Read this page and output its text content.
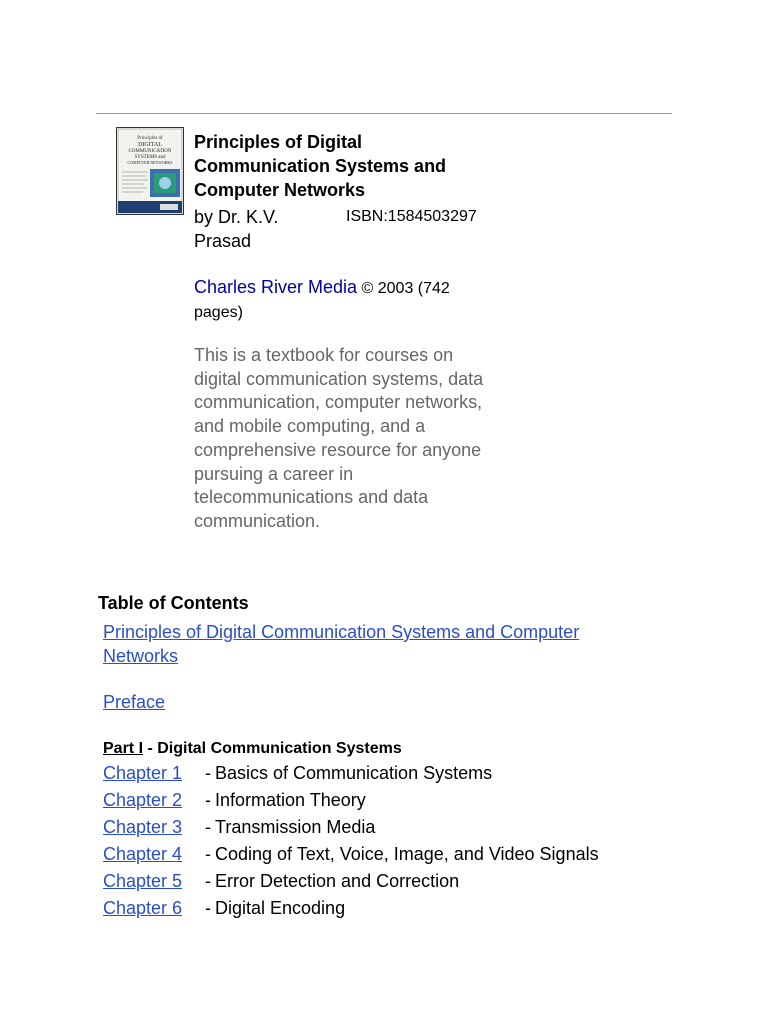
Principles of
DIGITAL
COMMUNICATION
SYSTEMS and
COMPUTER NETWORKS
Principles of Digital Communication Systems and Computer Networks
by Dr. K.V. Prasad
ISBN:1584503297
Charles River Media © 2003 (742 pages)
This is a textbook for courses on digital communication systems, data communication, computer networks, and mobile computing, and a comprehensive resource for anyone pursuing a career in telecommunications and data communication.
Table of Contents
Principles of Digital Communication Systems and Computer Networks
Preface
Part I - Digital Communication Systems
Chapter 1 - Basics of Communication Systems
Chapter 2 - Information Theory
Chapter 3 - Transmission Media
Chapter 4 - Coding of Text, Voice, Image, and Video Signals
Chapter 5 - Error Detection and Correction
Chapter 6 - Digital Encoding
